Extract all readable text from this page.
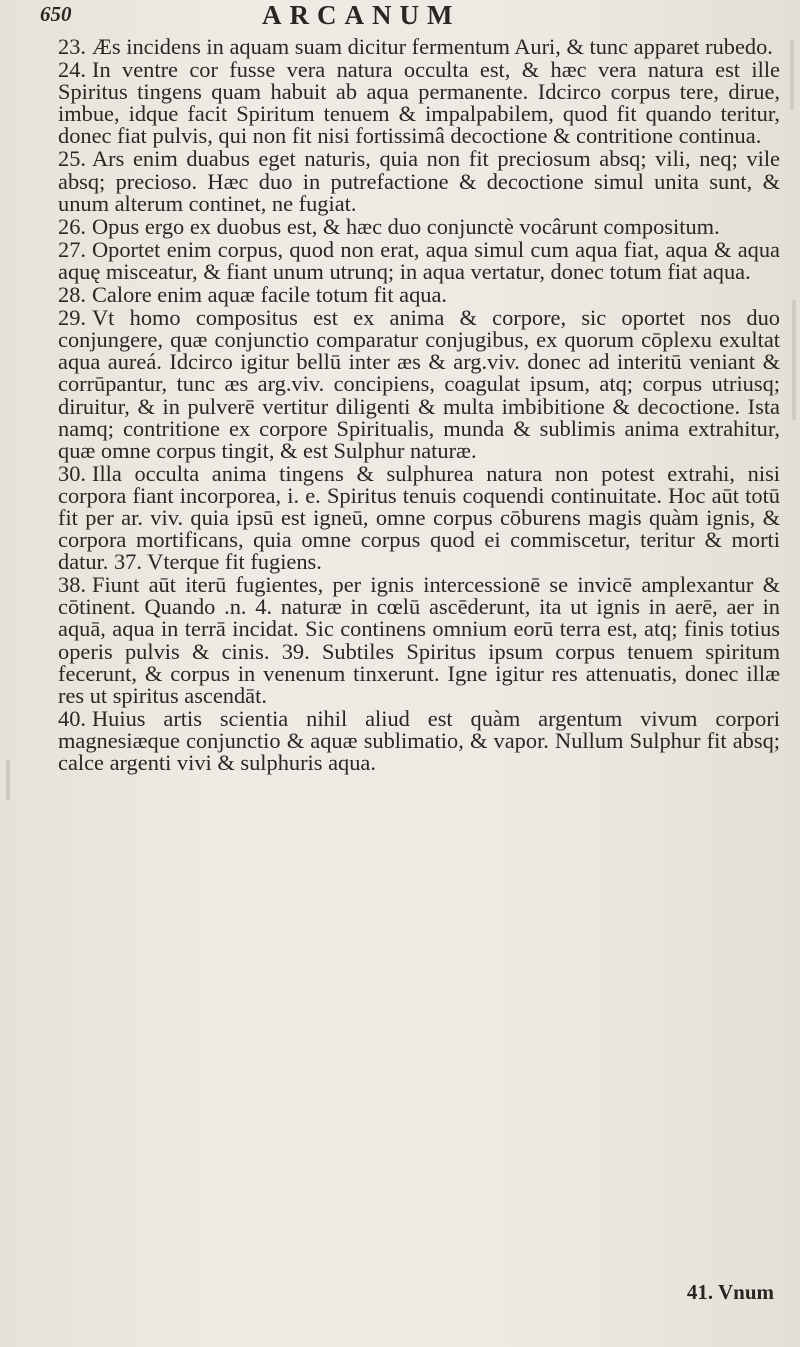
650	ARCANUM

23. Æs incidens in aquam suam dicitur fermentum Auri, & tunc apparet rubedo.

24. In ventre cor fusse vera natura occulta est, & hæc vera natura est ille Spiritus tingens quam habuit ab aqua permanente. Idcirco corpus tere, dirue, imbue, idque facit Spiritum tenuem & impalpabilem, quod fit quando teritur, donec fiat pulvis, qui non fit nisi fortissimâ decoctione & contritione continua.

25. Ars enim duabus eget naturis, quia non fit preciosum absq; vili, neq; vile absq; precioso. Hæc duo in putrefactione & decoctione simul unita sunt, & unum alterum continet, ne fugiat.

26. Opus ergo ex duobus est, & hæc duo conjunctè vocârunt compositum.

27. Oportet enim corpus, quod non erat, aqua simul cum aqua fiat, aqua & aqua aquę misceatur, & fiant unum utrunq; in aqua vertatur, donec totum fiat aqua.

28. Calore enim aquæ facile totum fit aqua.

29. Vt homo compositus est ex anima & corpore, sic oportet nos duo conjungere, quæ conjunctio comparatur conjugibus, ex quorum cōplexu exultat aqua aureá. Idcirco igitur bellū inter æs & arg.viv. donec ad interitū veniant & corrūpantur, tunc æs arg.viv. concipiens, coagulat ipsum, atq; corpus utriusq; diruitur, & in pulverē vertitur diligenti & multa imbibitione & decoctione. Ista namq; contritione ex corpore Spiritualis, munda & sublimis anima extrahitur, quæ omne corpus tingit, & est Sulphur naturæ.

30. Illa occulta anima tingens & sulphurea natura non potest extrahi, nisi corpora fiant incorporea, i. e. Spiritus tenuis coquendi continuitate. Hoc aūt totū fit per ar. viv. quia ipsū est igneū, omne corpus cōburens magis quàm ignis, & corpora mortificans, quia omne corpus quod ei commiscetur, teritur & morti datur. 37. Vterque fit fugiens.

38. Fiunt aūt iterū fugientes, per ignis intercessionē se invicē amplexantur & cōtinent. Quando .n. 4. naturæ in cœlū ascēderunt, ita ut ignis in aerē, aer in aquā, aqua in terrā incidat. Sic continens omnium eorū terra est, atq; finis totius operis pulvis & cinis. 39. Subtiles Spiritus ipsum corpus tenuem spiritum fecerunt, & corpus in venenum tinxerunt. Igne igitur res attenuatis, donec illæ res ut spiritus ascendāt.

40. Huius artis scientia nihil aliud est quàm argentum vivum corpori magnesiæque conjunctio & aquæ sublimatio, & vapor. Nullum Sulphur fit absq; calce argenti vivi & sulphuris aqua.

41. Vnum
